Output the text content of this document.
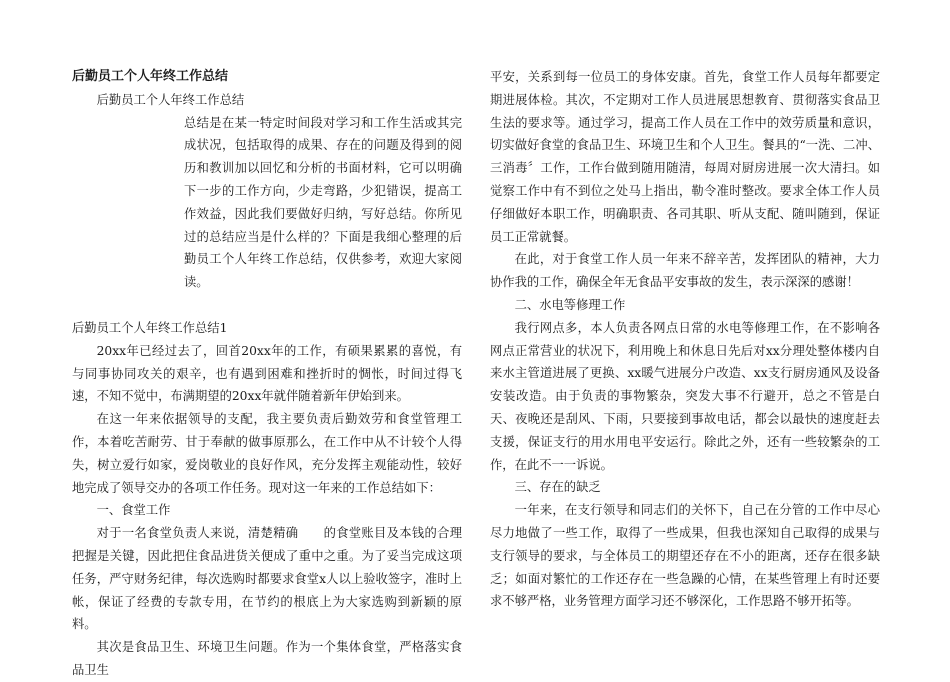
后勤员工个人年终工作总结
后勤员工个人年终工作总结

总结是在某一特定时间段对学习和工作生活或其完成状况，包括取得的成果、存在的问题及得到的阅历和教训加以回忆和分析的书面材料，它可以明确下一步的工作方向，少走弯路，少犯错误，提高工作效益，因此我们要做好归纳，写好总结。你所见过的总结应当是什么样的？下面是我细心整理的后勤员工个人年终工作总结，仅供参考，欢迎大家阅读。

后勤员工个人年终工作总结1

20xx年已经过去了，回首20xx年的工作，有硕果累累的喜悦，有与同事协同攻关的艰辛，也有遇到困难和挫折时的惆怅，时间过得飞速，不知不觉中，布满期望的20xx年就伴随着新年伊始到来。

在这一年来依据领导的支配，我主要负责后勤效劳和食堂管理工作，本着吃苦耐劳、甘于奉献的做事原那么，在工作中从不计较个人得失，树立爱行如家，爱岗敬业的良好作风，充分发挥主观能动性，较好地完成了领导交办的各项工作任务。现对这一年来的工作总结如下：

一、食堂工作

对于一名食堂负责人来说，清楚精确　　的食堂账目及本钱的合理把握是关键，因此把住食品进货关便成了重中之重。为了妥当完成这项任务，严守财务纪律，每次选购时都要求食堂x人以上验收签字，准时上帐，保证了经费的专款专用，在节约的根底上为大家选购到新颖的原料。

其次是食品卫生、环境卫生问题。作为一个集体食堂，严格落实食品卫生

平安，关系到每一位员工的身体安康。首先，食堂工作人员每年都要定期进展体检。其次，不定期对工作人员进展思想教育、贯彻落实食品卫生法的要求等。通过学习，提高工作人员在工作中的效劳质量和意识，切实做好食堂的食品卫生、环境卫生和个人卫生。餐具的“一洗、二冲、三消毒〞工作，工作台做到随用随清，每周对厨房进展一次大清扫。如觉察工作中有不到位之处马上指出，勒令准时整改。要求全体工作人员仔细做好本职工作，明确职责、各司其职、听从支配、随叫随到，保证员工正常就餐。

在此，对于食堂工作人员一年来不辞辛苦，发挥团队的精神，大力协作我的工作，确保全年无食品平安事故的发生，表示深深的感谢！

二、水电等修理工作

我行网点多，本人负责各网点日常的水电等修理工作，在不影响各网点正常营业的状况下，利用晚上和休息日先后对xx分理处整体楼内自来水主管道进展了更换、xx暖气进展分户改造、xx支行厨房通风及设备安装改造。由于负责的事物繁杂，突发大事不行避开，总之不管是白天、夜晚还是刮风、下雨，只要接到事故电话，都会以最快的速度赶去支援，保证支行的用水用电平安运行。除此之外，还有一些较繁杂的工作，在此不一一诉说。

三、存在的缺乏

一年来，在支行领导和同志们的关怀下，自己在分管的工作中尽心尽力地做了一些工作，取得了一些成果，但我也深知自己取得的成果与支行领导的要求，与全体员工的期望还存在不小的距离，还存在很多缺乏；如面对繁忙的工作还存在一些急躁的心情，在某些管理上有时还要求不够严格，业务管理方面学习还不够深化，工作思路不够开拓等。
